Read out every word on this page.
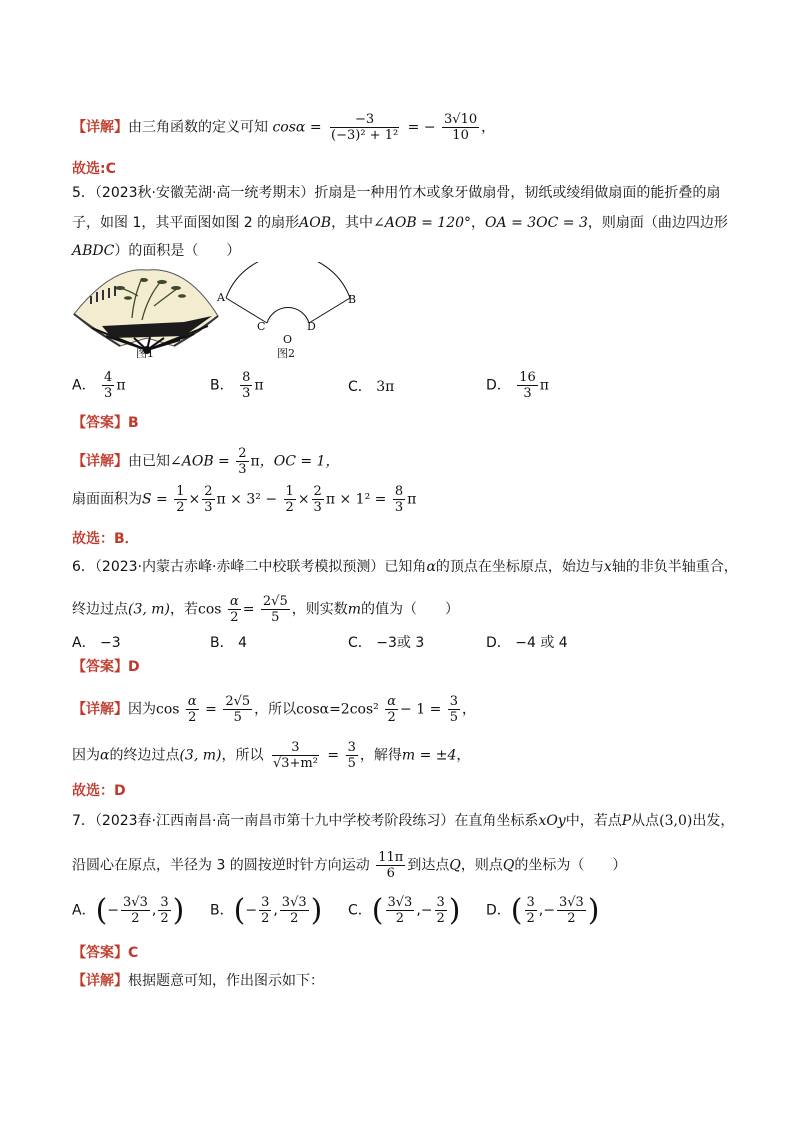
【详解】由三角函数的定义可知 $\cos\alpha = \frac{-3}{\text{(−3)² + 1²}}$ = − $\frac{3√10}{10}$ ，
故选:C
5．（2023秋·安徽芜湖·高一统考期末）折扇是一种用竹木或象牙做扇骨，韧纸或绫绢做扇面的能折叠的扇
子，如图 1，其平面图如图 2 的扇形AOB，其中∠AOB = 120°，OA = 3OC = 3，则扇面（曲边四边形
ABDC）的面积是（　　）
图1
A	B
C	D
O
图2
A． $\frac{4}{3}$ π	B． $\frac{8}{3}$ π	C． 3π	D． $\frac{16}{3}$ π
【答案】B
【详解】由已知∠AOB = $\frac{2}{3}$ π，OC = 1，
扇面面积为$S = \frac{1}{2} \times \frac{2}{3}$ $\pi \times 3^2 - \frac{1}{2} \times \frac{2}{3}$ $\pi \times 1^2 = \frac{8}{3}$ π
故选：B．
6．（2023·内蒙古赤峰·赤峰二中校联考模拟预测）已知角α的顶点在坐标原点，始边与x轴的非负半轴重合，
终边过点(3, m)，若$\cos \frac{\alpha}{2} = \frac{2√5}{5}$ ，则实数m的值为（　　）
A． −3	B． 4	C． −3或 3	D． −4 或 4
【答案】D
【详解】因为$\cos \frac{\alpha}{2} = \frac{2√5}{5}$ ，所以$\cos\alpha=2\cos^2 \frac{\alpha}{2} - 1 = \frac{3}{5}$ ，
因为α的终边过点(3, m)，所以 $\frac{3}{\text{√3+m²}} = \frac{3}{5}$ ，解得m = ±4，
故选：D
7．（2023春·江西南昌·高一南昌市第十九中学校考阶段练习）在直角坐标系xOy中，若点P从点(3,0)出发，
沿圆心在原点，半径为 3 的圆按逆时针方向运动 $\frac{11\pi}{6}$ 到达点Q，则点Q的坐标为（　　）
A．(− $\frac{3√3}{2}$ , $\frac{3}{2}$ ) B．(− $\frac{3}{2}$ , $\frac{3√3}{2}$ ) C．( $\frac{3√3}{2}$ ,− $\frac{3}{2}$ ) D．( $\frac{3}{2}$ ,− $\frac{3√3}{2}$ )
【答案】C
【详解】根据题意可知，作出图示如下：
